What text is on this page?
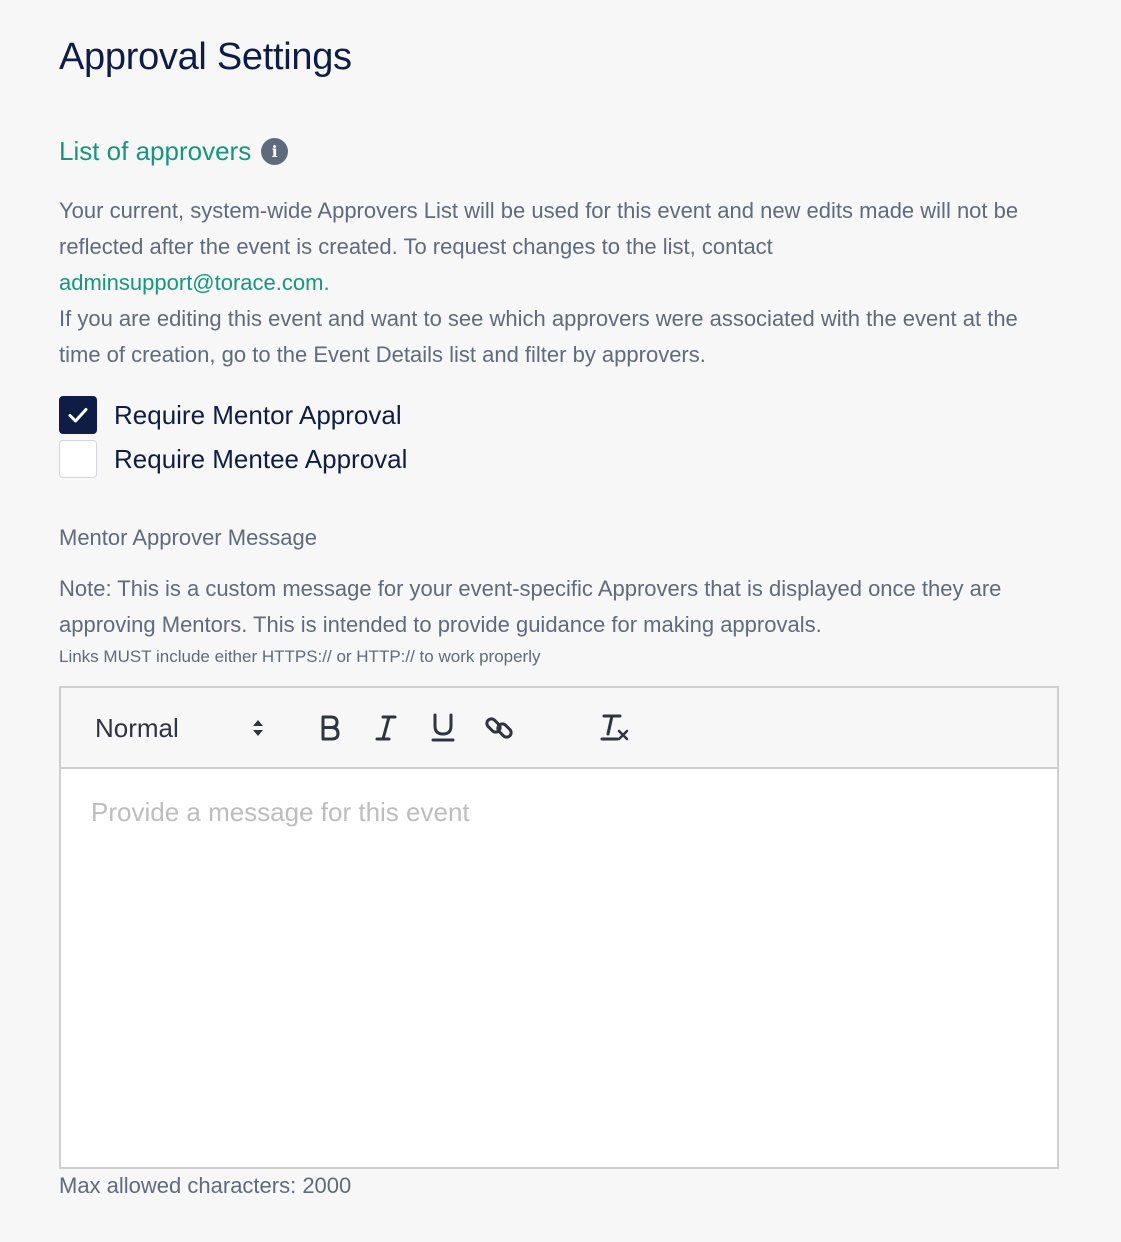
Approval Settings
List of approvers	i

Your current, system-wide Approvers List will be used for this event and new edits made will not be reflected after the event is created. To request changes to the list, contact
adminsupport@torace.com.

If you are editing this event and want to see which approvers were associated with the event at the time of creation, go to the Event Details list and filter by approvers.

Require Mentor Approval
Require Mentee Approval
Mentor Approver Message

Note: This is a custom message for your event-specific Approvers that is displayed once they are approving Mentors. This is intended to provide guidance for making approvals.

Links MUST include either HTTPS:// or HTTP:// to work properly
Normal
Provide a message for this event
Max allowed characters: 2000
